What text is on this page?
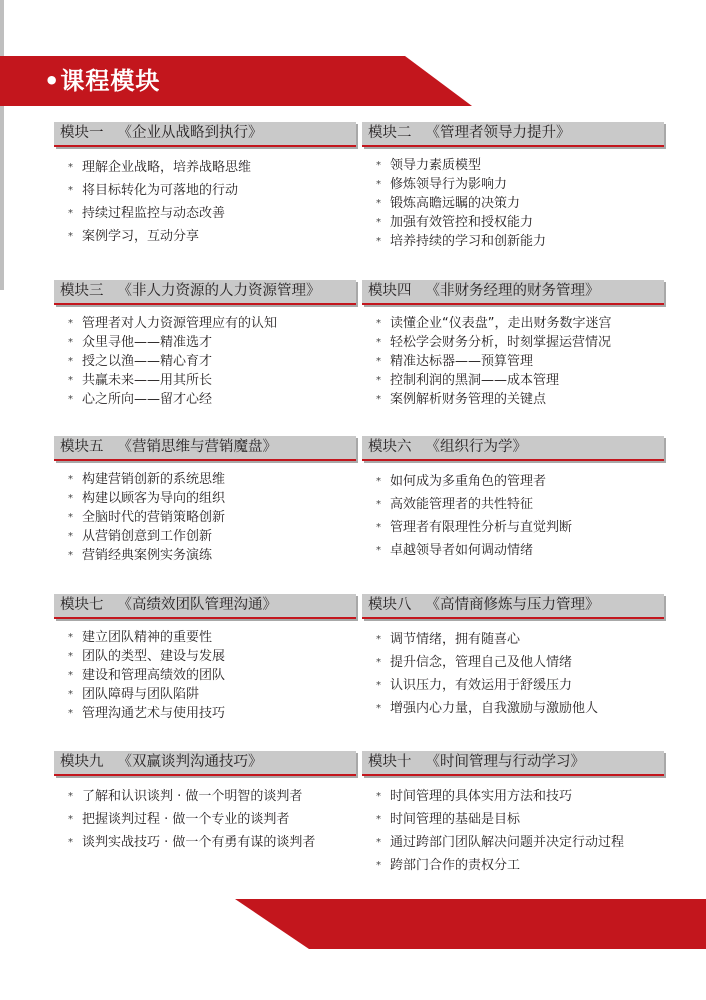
•课程模块
模块一 《企业从战略到执行》
* 理解企业战略，培养战略思维
* 将目标转化为可落地的行动
* 持续过程监控与动态改善
* 案例学习，互动分享
模块二 《管理者领导力提升》
* 领导力素质模型
* 修炼领导行为影响力
* 锻炼高瞻远瞩的决策力
* 加强有效管控和授权能力
* 培养持续的学习和创新能力
模块三 《非人力资源的人力资源管理》
* 管理者对人力资源管理应有的认知
* 众里寻他——精准选才
* 授之以渔——精心育才
* 共赢未来——用其所长
* 心之所向——留才心经
模块四 《非财务经理的财务管理》
* 读懂企业“仪表盘”，走出财务数字迷宫
* 轻松学会财务分析，时刻掌握运营情况
* 精准达标器——预算管理
* 控制利润的黑洞——成本管理
* 案例解析财务管理的关键点
模块五 《营销思维与营销魔盘》
* 构建营销创新的系统思维
* 构建以顾客为导向的组织
* 全脑时代的营销策略创新
* 从营销创意到工作创新
* 营销经典案例实务演练
模块六 《组织行为学》
* 如何成为多重角色的管理者
* 高效能管理者的共性特征
* 管理者有限理性分析与直觉判断
* 卓越领导者如何调动情绪
模块七 《高绩效团队管理沟通》
* 建立团队精神的重要性
* 团队的类型、建设与发展
* 建设和管理高绩效的团队
* 团队障碍与团队陷阱
* 管理沟通艺术与使用技巧
模块八 《高情商修炼与压力管理》
* 调节情绪，拥有随喜心
* 提升信念，管理自己及他人情绪
* 认识压力，有效运用于舒缓压力
* 增强内心力量，自我激励与激励他人
模块九 《双赢谈判沟通技巧》
* 了解和认识谈判 · 做一个明智的谈判者
* 把握谈判过程 · 做一个专业的谈判者
* 谈判实战技巧 · 做一个有勇有谋的谈判者
模块十 《时间管理与行动学习》
* 时间管理的具体实用方法和技巧
* 时间管理的基础是目标
* 通过跨部门团队解决问题并决定行动过程
* 跨部门合作的责权分工
